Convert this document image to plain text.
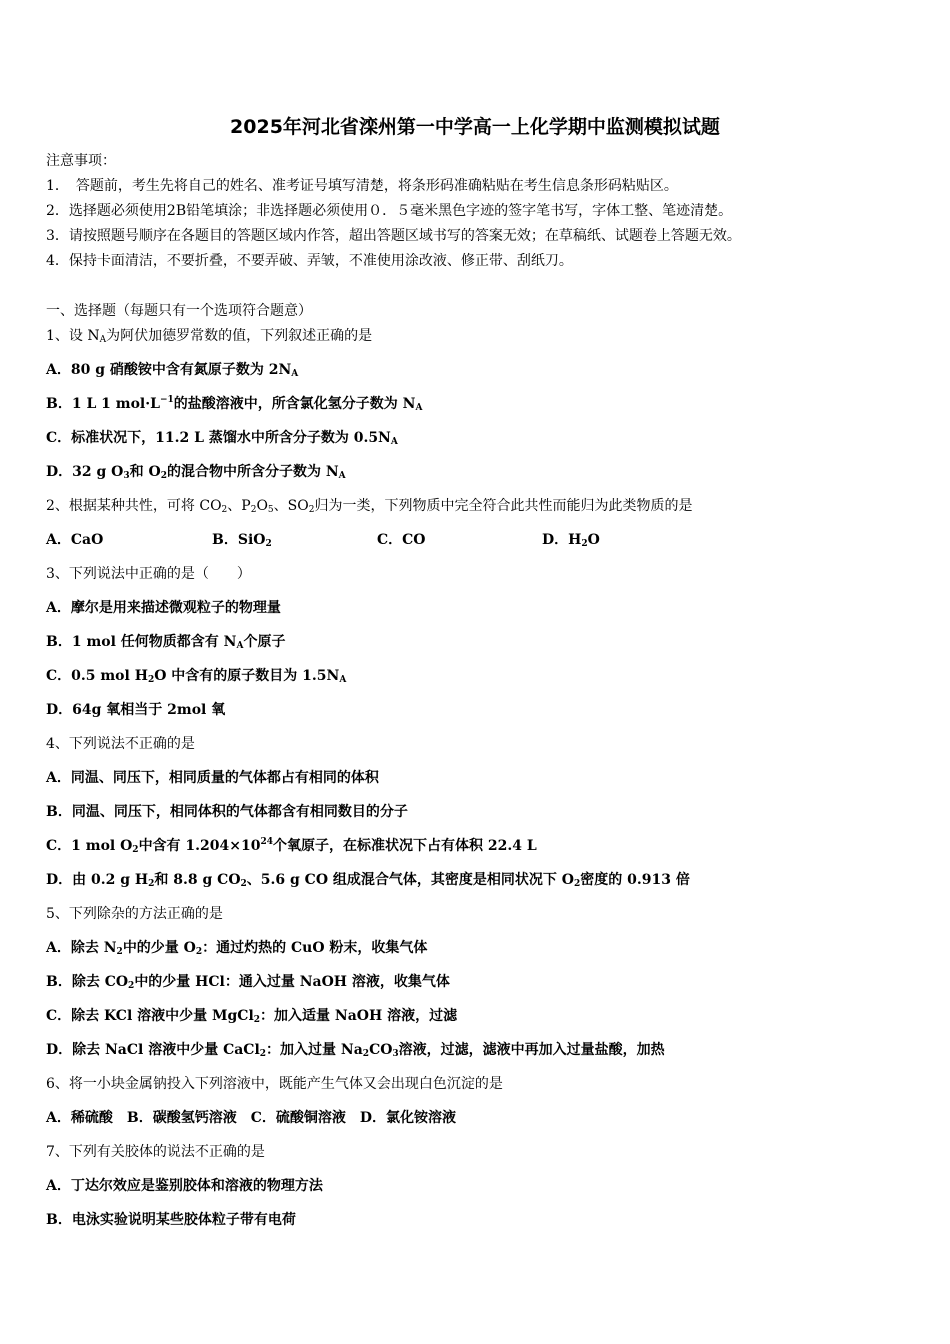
2025年河北省滦州第一中学高一上化学期中监测模拟试题
注意事项：
1．　答题前，考生先将自己的姓名、准考证号填写清楚，将条形码准确粘贴在考生信息条形码粘贴区。
2．选择题必须使用2B铅笔填涂；非选择题必须使用０．５毫米黑色字迹的签字笔书写，字体工整、笔迹清楚。
3．请按照题号顺序在各题目的答题区域内作答，超出答题区域书写的答案无效；在草稿纸、试题卷上答题无效。
4．保持卡面清洁，不要折叠，不要弄破、弄皱，不准使用涂改液、修正带、刮纸刀。
一、选择题（每题只有一个选项符合题意）
1、设 $N_A$为阿伏加德罗常数的值，下列叙述正确的是
A．80 g 硝酸铵中含有氮原子数为 $2N_A$
B．1 L 1 $mol\cdot L^{-1}$的盐酸溶液中，所含氯化氢分子数为 $N_A$
C．标准状况下，11.2 L 蒸馏水中所含分子数为 $0.5N_A$
D．32 g $O_3$和 $O_2$的混合物中所含分子数为 $N_A$
2、根据某种共性，可将 $CO_2$、$P_2O_5$、$SO_2$归为一类，下列物质中完全符合此共性而能归为此类物质的是
A．CaO	B．SiO$_2$	C．CO	D．$H_2O$
3、下列说法中正确的是（　　）
A．摩尔是用来描述微观粒子的物理量
B．1 mol 任何物质都含有 $N_A$个原子
C．0.5 mol $H_2O$ 中含有的原子数目为 $1.5N_A$
D．64g 氧相当于 2mol 氧
4、下列说法不正确的是
A．同温、同压下，相同质量的气体都占有相同的体积
B．同温、同压下，相同体积的气体都含有相同数目的分子
C．1 mol $O_2$中含有 $1.204\times 10^{24}$个氧原子，在标准状况下占有体积 22.4 L
D．由 0.2 g $H_2$和 8.8 g $CO_2$、5.6 g CO 组成混合气体，其密度是相同状况下 $O_2$密度的 0.913 倍
5、下列除杂的方法正确的是
A．除去 $N_2$中的少量 $O_2$：通过灼热的 CuO 粉末，收集气体
B．除去 $CO_2$中的少量 HCl：通入过量 NaOH 溶液，收集气体
C．除去 KCl 溶液中少量 MgCl$_2$：加入适量 NaOH 溶液，过滤
D．除去 NaCl 溶液中少量 CaCl$_2$：加入过量 $Na_2CO_3$溶液，过滤，滤液中再加入过量盐酸，加热
6、将一小块金属钠投入下列溶液中，既能产生气体又会出现白色沉淀的是
A．稀硫酸　B．碳酸氢钙溶液　C．硫酸铜溶液　D．氯化铵溶液
7、下列有关胶体的说法不正确的是
A．丁达尔效应是鉴别胶体和溶液的物理方法
B．电泳实验说明某些胶体粒子带有电荷
